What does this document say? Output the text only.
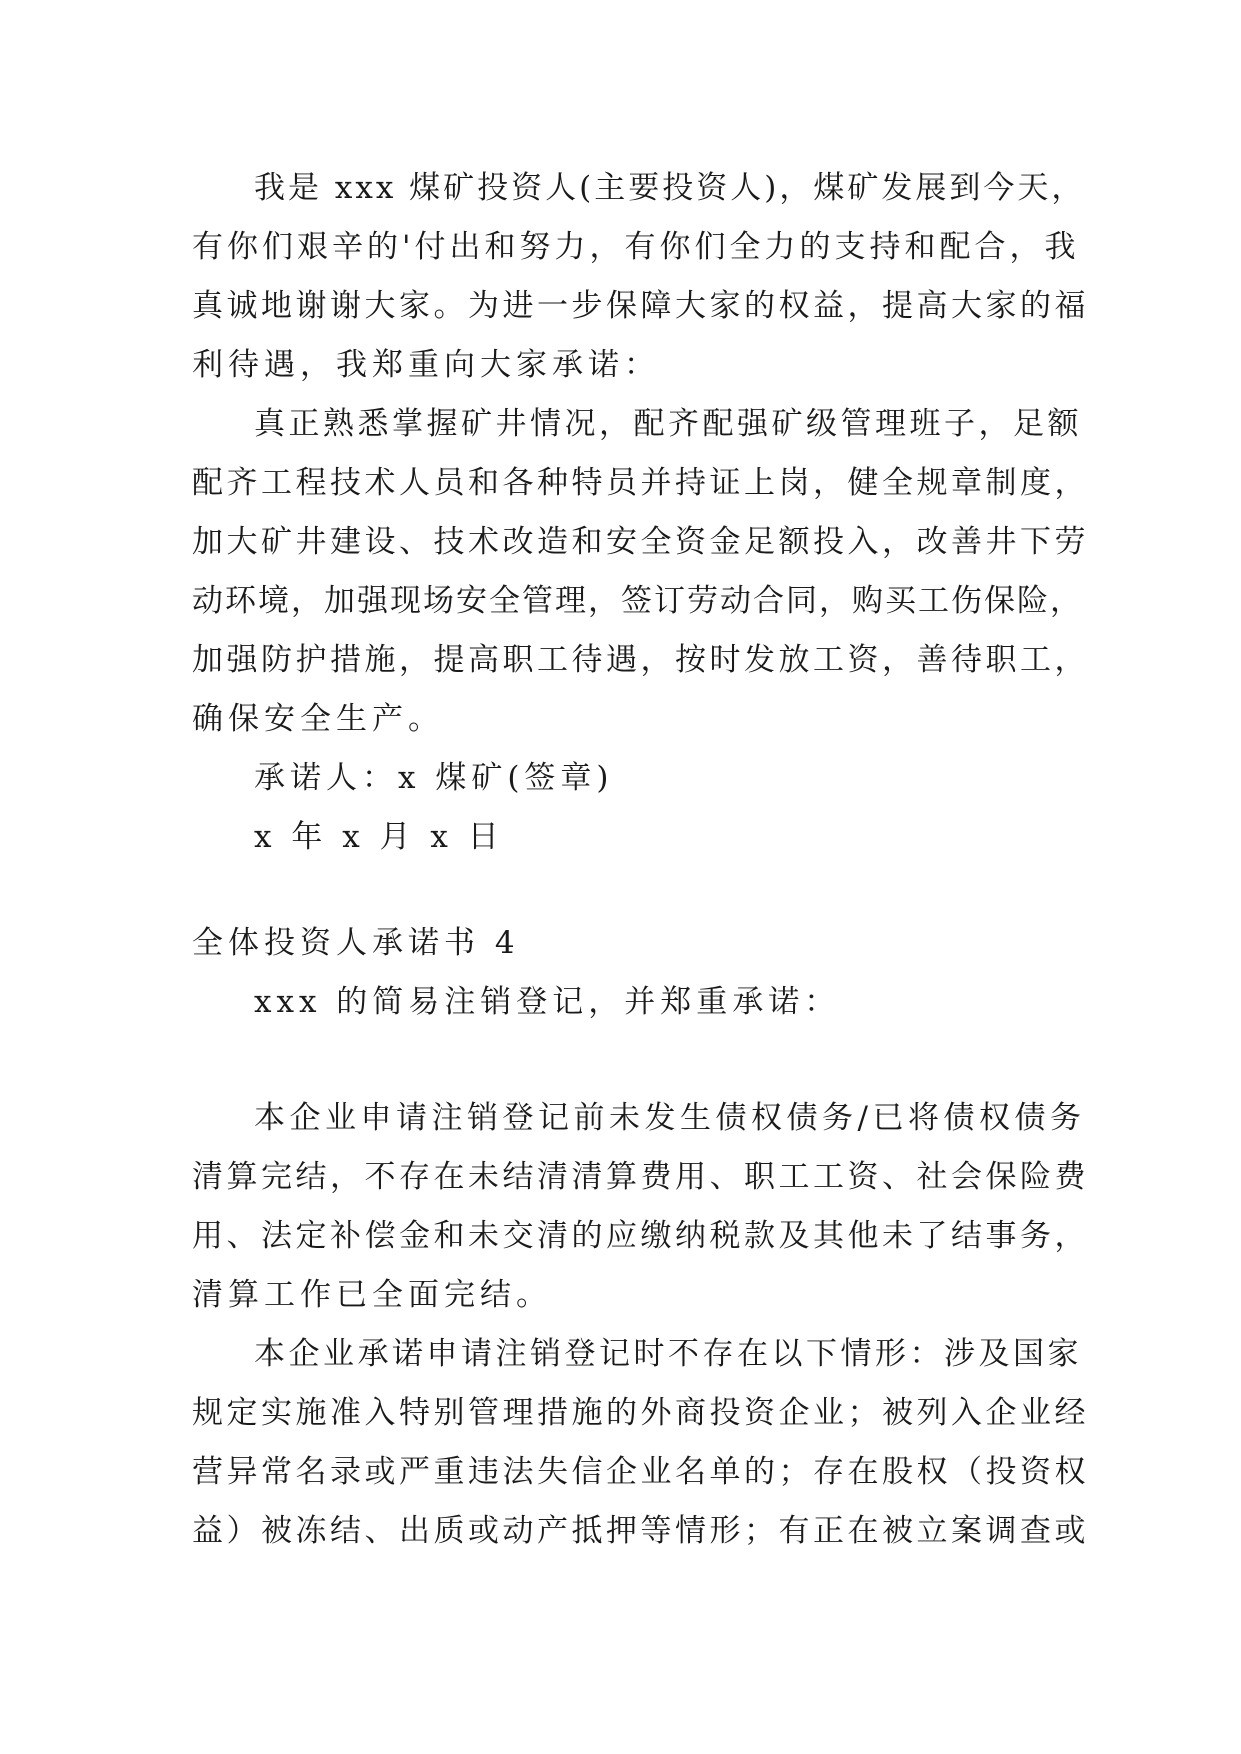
我是 xxx 煤矿投资人(主要投资人)，煤矿发展到今天，
有你们艰辛的'付出和努力，有你们全力的支持和配合，我
真诚地谢谢大家。为进一步保障大家的权益，提高大家的福
利待遇，我郑重向大家承诺：
真正熟悉掌握矿井情况，配齐配强矿级管理班子，足额
配齐工程技术人员和各种特员并持证上岗，健全规章制度，
加大矿井建设、技术改造和安全资金足额投入，改善井下劳
动环境，加强现场安全管理，签订劳动合同，购买工伤保险，
加强防护措施，提高职工待遇，按时发放工资，善待职工，
确保安全生产。
承诺人：x 煤矿(签章)
x 年 x 月 x 日
全体投资人承诺书 4
xxx 的简易注销登记，并郑重承诺：
本企业申请注销登记前未发生债权债务/已将债权债务
清算完结，不存在未结清清算费用、职工工资、社会保险费
用、法定补偿金和未交清的应缴纳税款及其他未了结事务，
清算工作已全面完结。
本企业承诺申请注销登记时不存在以下情形：涉及国家
规定实施准入特别管理措施的外商投资企业；被列入企业经
营异常名录或严重违法失信企业名单的；存在股权（投资权
益）被冻结、出质或动产抵押等情形；有正在被立案调查或
